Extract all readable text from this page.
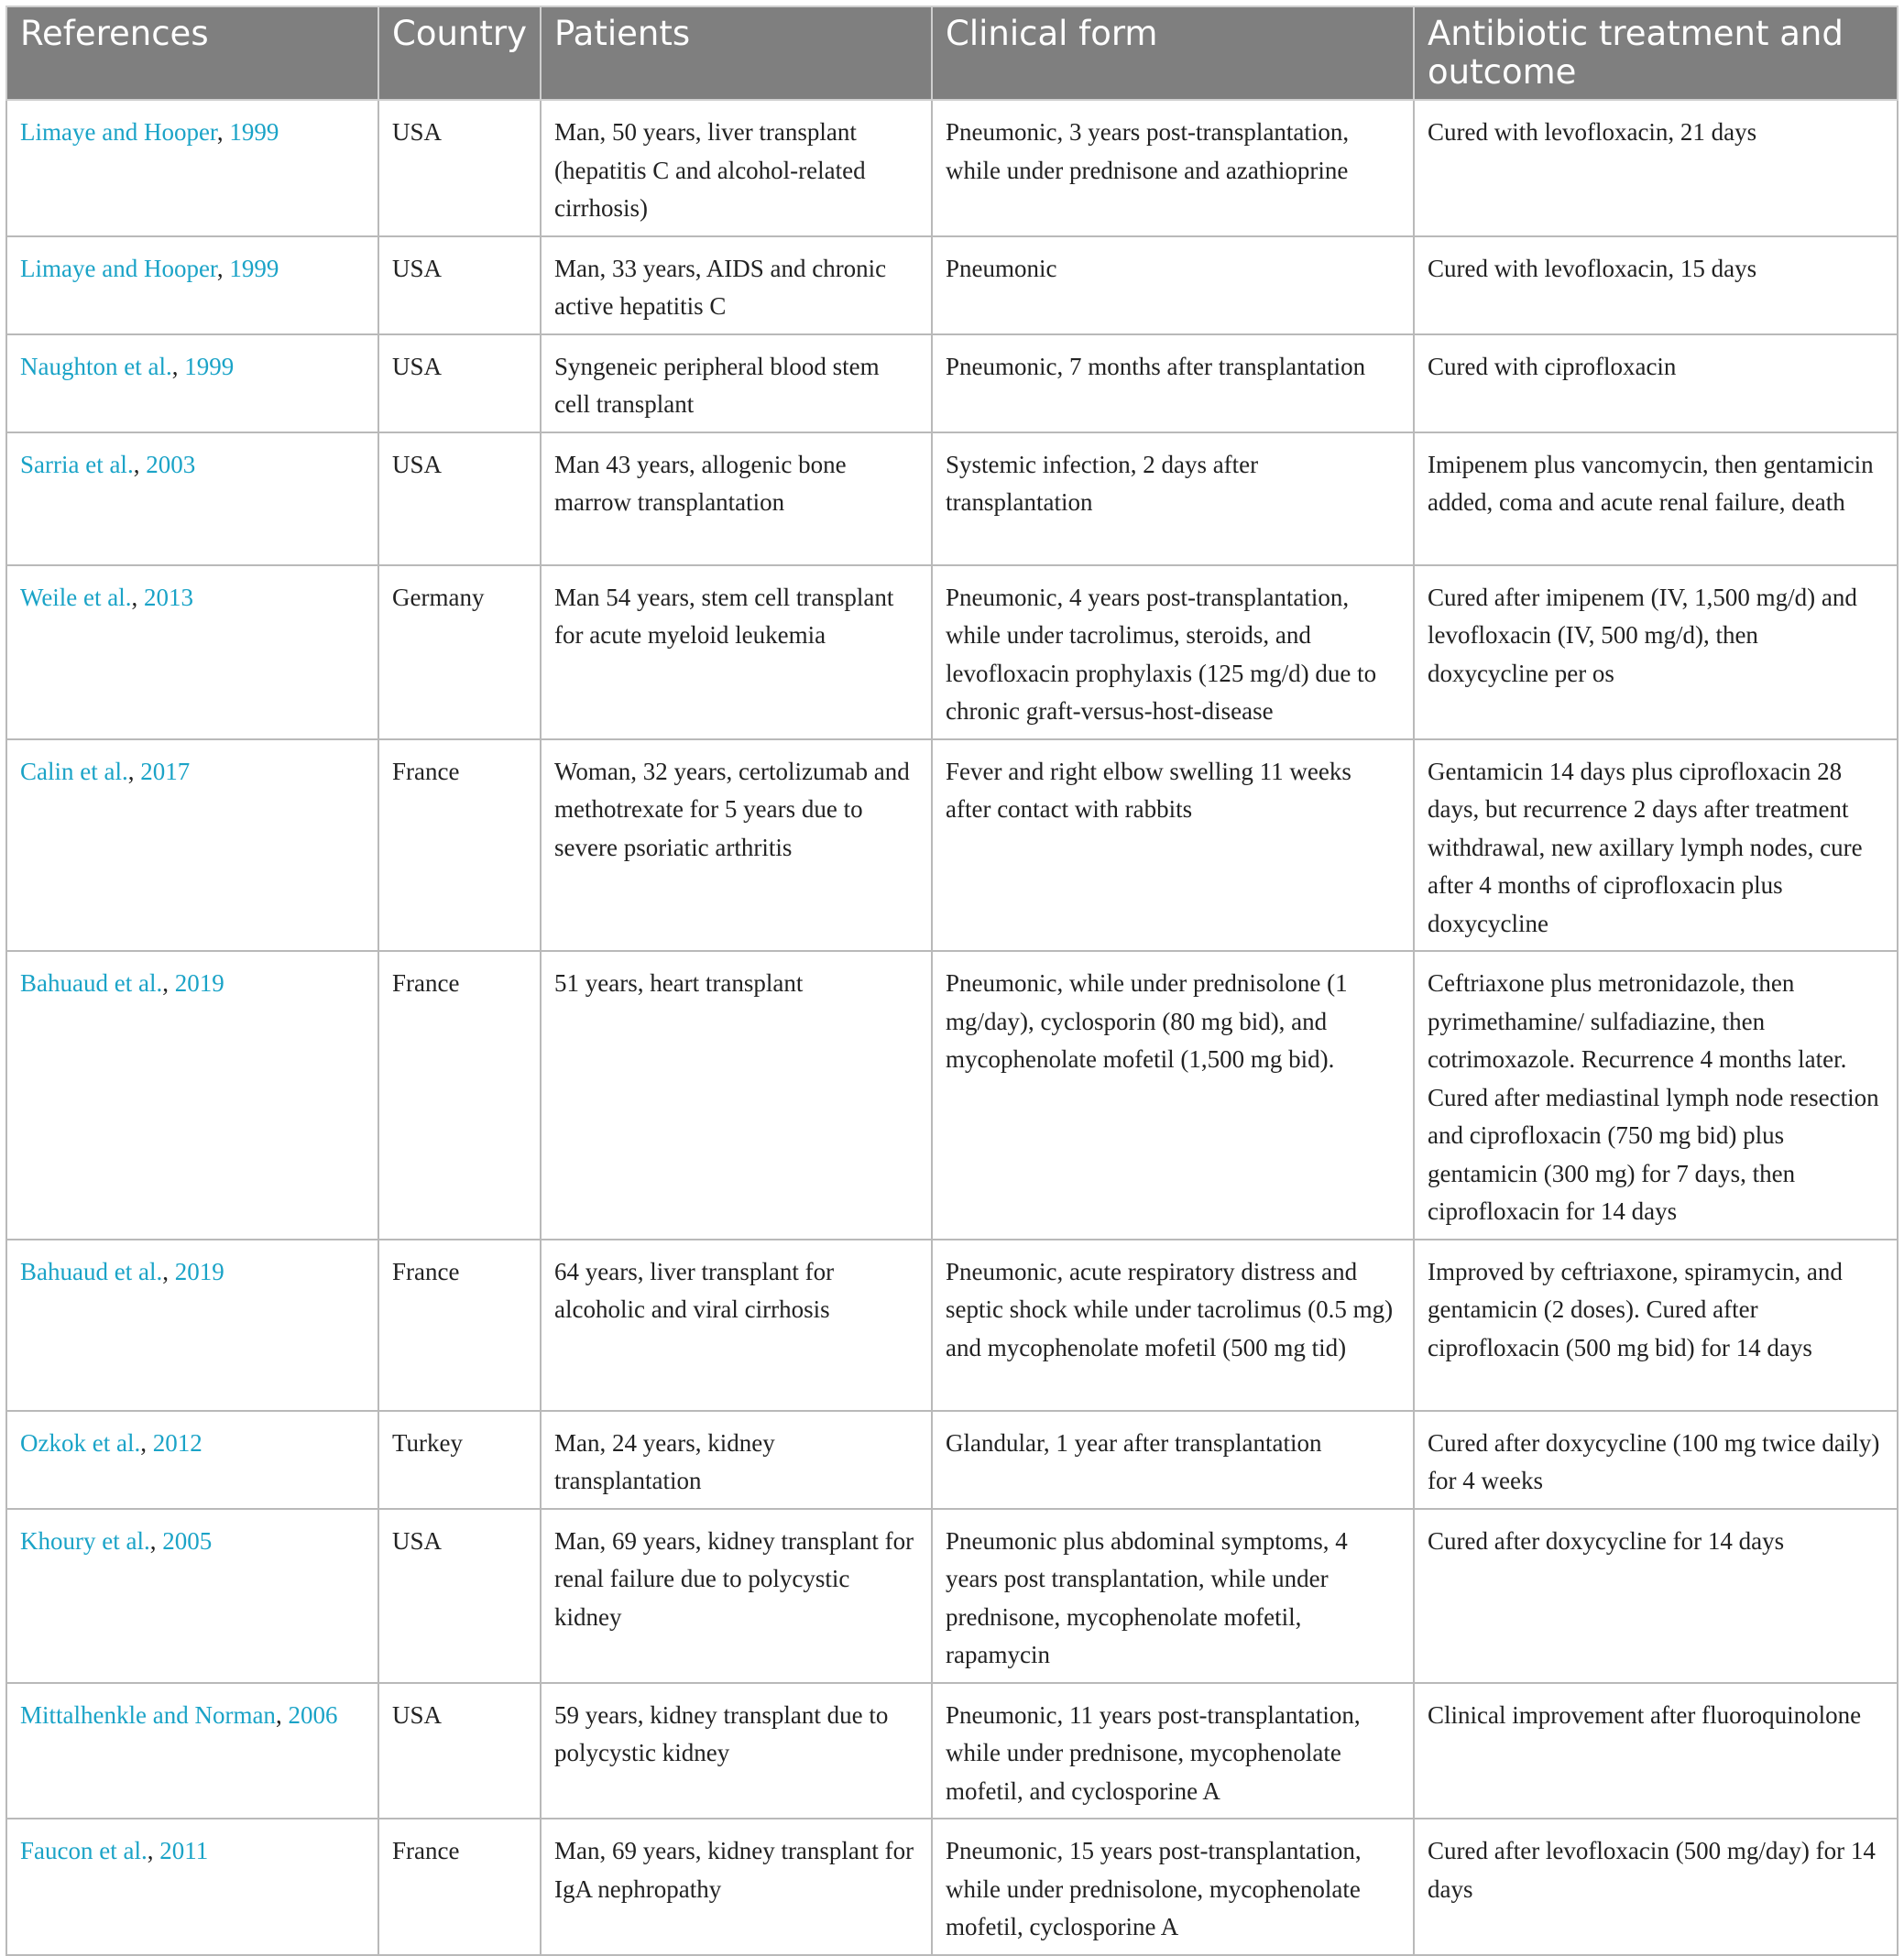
References	Country	Patients	Clinical form	Antibiotic treatment and outcome
Limaye and Hooper, 1999	USA	Man, 50 years, liver transplant (hepatitis C and alcohol-related cirrhosis)	Pneumonic, 3 years post-transplantation, while under prednisone and azathioprine	Cured with levofloxacin, 21 days
Limaye and Hooper, 1999	USA	Man, 33 years, AIDS and chronic active hepatitis C	Pneumonic	Cured with levofloxacin, 15 days
Naughton et al., 1999	USA	Syngeneic peripheral blood stem cell transplant	Pneumonic, 7 months after transplantation	Cured with ciprofloxacin
Sarria et al., 2003	USA	Man 43 years, allogenic bone marrow transplantation	Systemic infection, 2 days after transplantation	Imipenem plus vancomycin, then gentamicin added, coma and acute renal failure, death
Weile et al., 2013	Germany	Man 54 years, stem cell transplant for acute myeloid leukemia	Pneumonic, 4 years post-transplantation, while under tacrolimus, steroids, and levofloxacin prophylaxis (125 mg/d) due to chronic graft-versus-host-disease	Cured after imipenem (IV, 1,500 mg/d) and levofloxacin (IV, 500 mg/d), then doxycycline per os
Calin et al., 2017	France	Woman, 32 years, certolizumab and methotrexate for 5 years due to severe psoriatic arthritis	Fever and right elbow swelling 11 weeks after contact with rabbits	Gentamicin 14 days plus ciprofloxacin 28 days, but recurrence 2 days after treatment withdrawal, new axillary lymph nodes, cure after 4 months of ciprofloxacin plus doxycycline
Bahuaud et al., 2019	France	51 years, heart transplant	Pneumonic, while under prednisolone (1 mg/day), cyclosporin (80 mg bid), and mycophenolate mofetil (1,500 mg bid).	Ceftriaxone plus metronidazole, then pyrimethamine/ sulfadiazine, then cotrimoxazole. Recurrence 4 months later. Cured after mediastinal lymph node resection and ciprofloxacin (750 mg bid) plus gentamicin (300 mg) for 7 days, then ciprofloxacin for 14 days
Bahuaud et al., 2019	France	64 years, liver transplant for alcoholic and viral cirrhosis	Pneumonic, acute respiratory distress and septic shock while under tacrolimus (0.5 mg) and mycophenolate mofetil (500 mg tid)	Improved by ceftriaxone, spiramycin, and gentamicin (2 doses). Cured after ciprofloxacin (500 mg bid) for 14 days
Ozkok et al., 2012	Turkey	Man, 24 years, kidney transplantation	Glandular, 1 year after transplantation	Cured after doxycycline (100 mg twice daily) for 4 weeks
Khoury et al., 2005	USA	Man, 69 years, kidney transplant for renal failure due to polycystic kidney	Pneumonic plus abdominal symptoms, 4 years post transplantation, while under prednisone, mycophenolate mofetil, rapamycin	Cured after doxycycline for 14 days
Mittalhenkle and Norman, 2006	USA	59 years, kidney transplant due to polycystic kidney	Pneumonic, 11 years post-transplantation, while under prednisone, mycophenolate mofetil, and cyclosporine A	Clinical improvement after fluoroquinolone
Faucon et al., 2011	France	Man, 69 years, kidney transplant for IgA nephropathy	Pneumonic, 15 years post-transplantation, while under prednisolone, mycophenolate mofetil, cyclosporine A	Cured after levofloxacin (500 mg/day) for 14 days
